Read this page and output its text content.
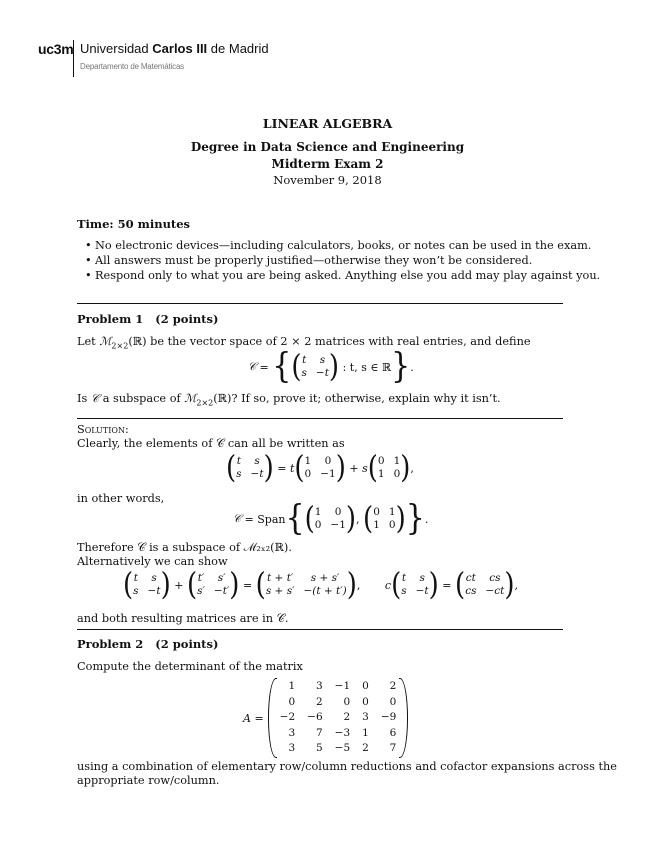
uc3m Universidad Carlos III de Madrid
Departamento de Matemáticas
LINEAR ALGEBRA
Degree in Data Science and Engineering
Midterm Exam 2
November 9, 2018
Time: 50 minutes
• No electronic devices—including calculators, books, or notes can be used in the exam.
• All answers must be properly justified—otherwise they won’t be considered.
• Respond only to what you are being asked. Anything else you add may play against you.
Problem 1   (2 points)
Let ℳ$_{2\times 2}$(ℝ) be the vector space of 2 × 2 matrices with real entries, and define
𝒞 = { ( t	s
s −t )
: t, s ∈ ℝ } .
Is 𝒞 a subspace of ℳ$_{2\times 2}$(ℝ)? If so, prove it; otherwise, explain why it isn’t.
Solution:
Clearly, the elements of 𝒞 can all be written as
( t	s
s −t ) = t ( 1	0
0 −1 ) + s ( 0 1
1 0 ) ,
in other words,
𝒞 = Span { ( 1	0
0 −1 ) , ( 0 1
1 0 ) } .
Therefore 𝒞 is a subspace of ℳ₂ₓ₂(ℝ).
Alternatively we can show
( t	s
s −t ) + ( t′	s′
s′ −t′ ) = ( t + t′	s + s′
s + s′ −(t + t′) ) , c ( t	s
s −t ) = ( ct	cs
cs −ct ) ,
and both resulting matrices are in 𝒞.
Problem 2   (2 points)
Compute the determinant of the matrix
A =
1	3 −1 0	2
0	2	0 0	0
−2 −6	2 3 −9
3	7 −3 1	6
3	5 −5 2	7
using a combination of elementary row/column reductions and cofactor expansions across the
appropriate row/column.
